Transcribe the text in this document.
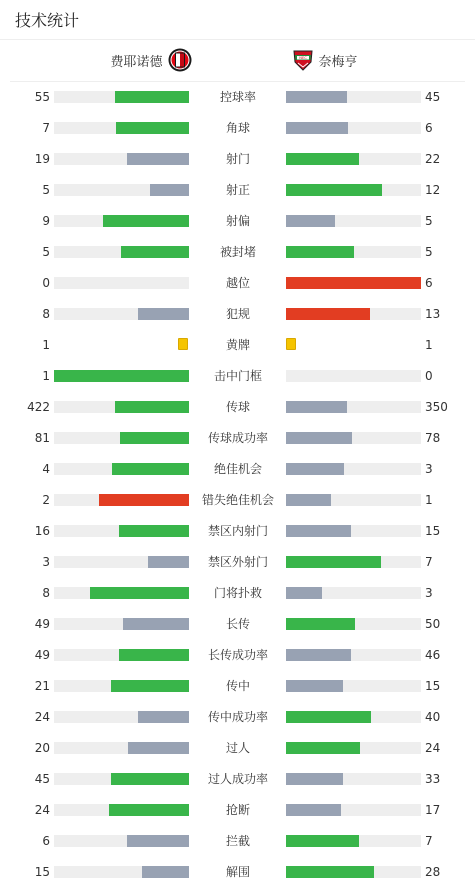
技术统计
费耶诺德	NEC 奈梅亨
55	控球率	45
7	角球	6
19	射门	22
5	射正	12
9	射偏	5
5	被封堵	5
0	越位	6
8	犯规	13
1	黄牌	1
1	击中门框	0
422	传球	350
81	传球成功率	78
4	绝佳机会	3
2	错失绝佳机会	1
16	禁区内射门	15
3	禁区外射门	7
8	门将扑救	3
49	长传	50
49	长传成功率	46
21	传中	15
24	传中成功率	40
20	过人	24
45	过人成功率	33
24	抢断	17
6	拦截	7
15	解围	28
